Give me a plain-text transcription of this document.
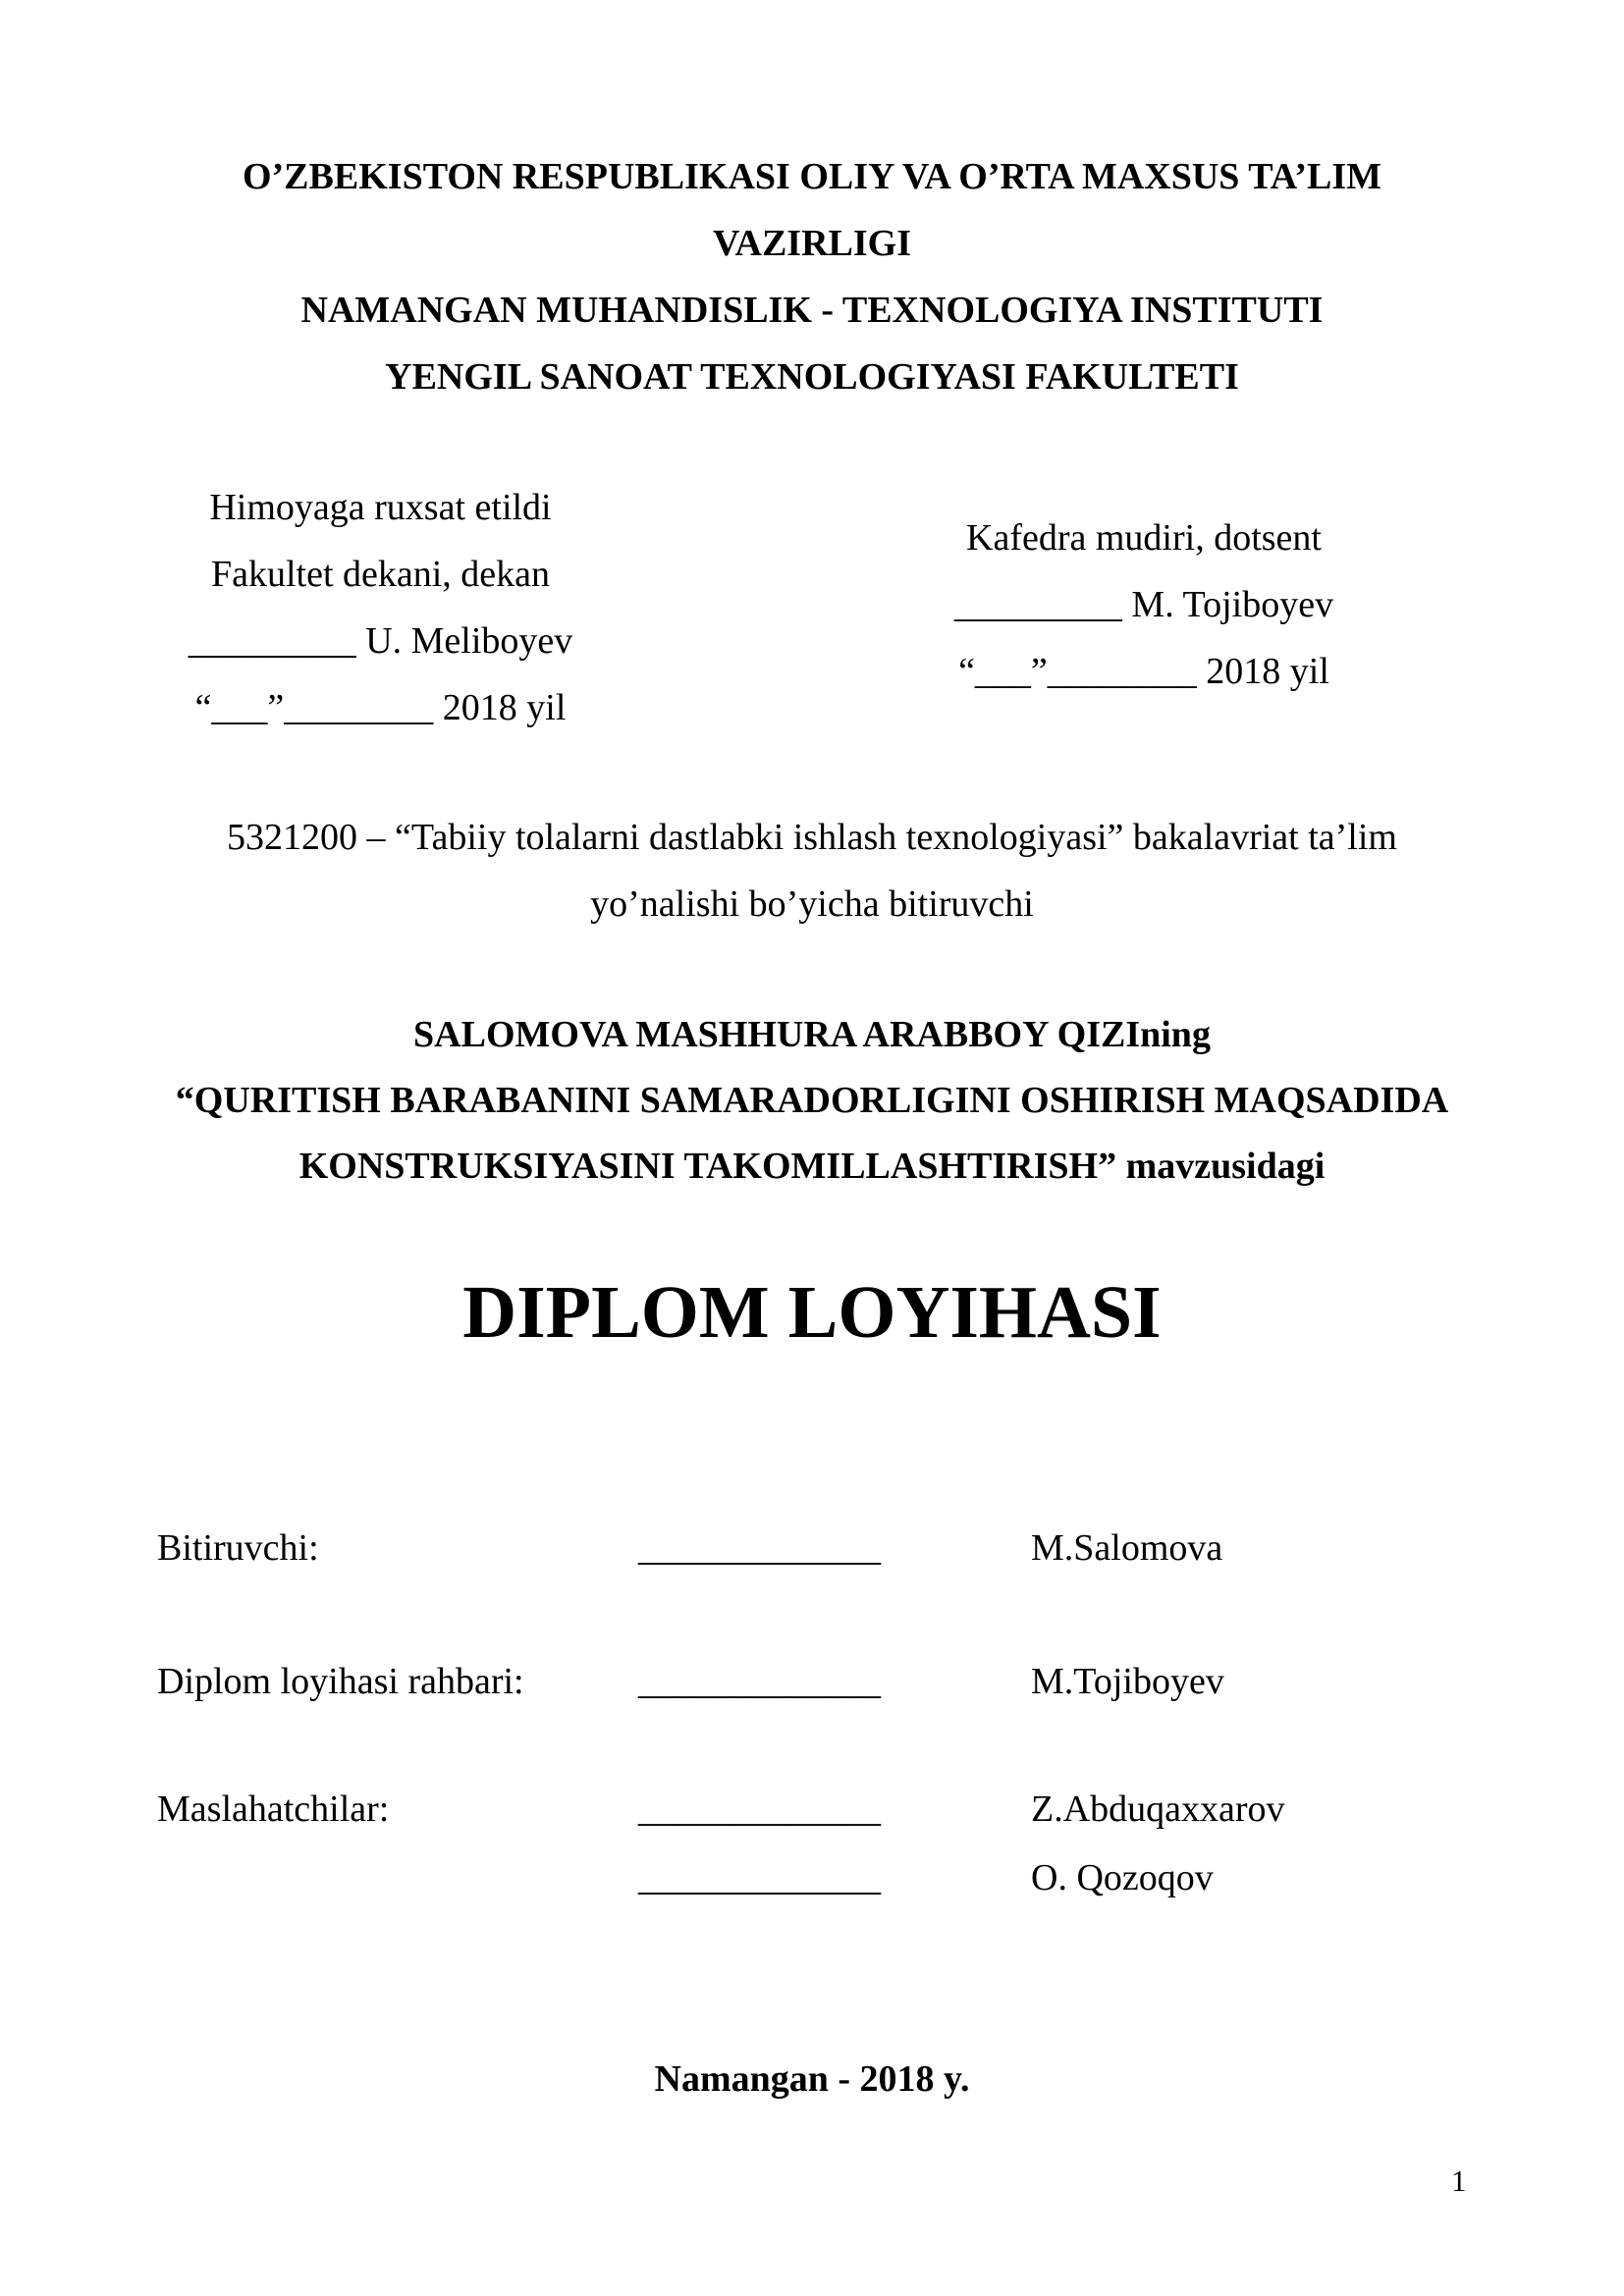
O’ZBEKISTON RESPUBLIKASI OLIY VA O’RTA MAXSUS TA’LIM
VAZIRLIGI
NAMANGAN MUHANDISLIK - TEXNOLOGIYA INSTITUTI
YENGIL SANOAT TEXNOLOGIYASI FAKULTETI
Himoyaga ruxsat etildi
Fakultet dekani, dekan
_________ U. Meliboyev
“___”________ 2018 yil
Kafedra mudiri, dotsent
_________ M. Tojiboyev
“___”________ 2018 yil
5321200 – “Tabiiy tolalarni dastlabki ishlash texnologiyasi” bakalavriat ta’lim
yo’nalishi bo’yicha bitiruvchi
SALOMOVA MASHHURA ARABBOY QIZIning
“QURITISH BARABANINI SAMARADORLIGINI OSHIRISH MAQSADIDA
KONSTRUKSIYASINI TAKOMILLASHTIRISH” mavzusidagi
DIPLOM LOYIHASI
Bitiruvchi:	_____________	M.Salomova
Diplom loyihasi rahbari:	_____________	M.Tojiboyev
Maslahatchilar:	_____________	Z.Abduqaxxarov
_____________	O. Qozoqov
Namangan - 2018 y.
1
